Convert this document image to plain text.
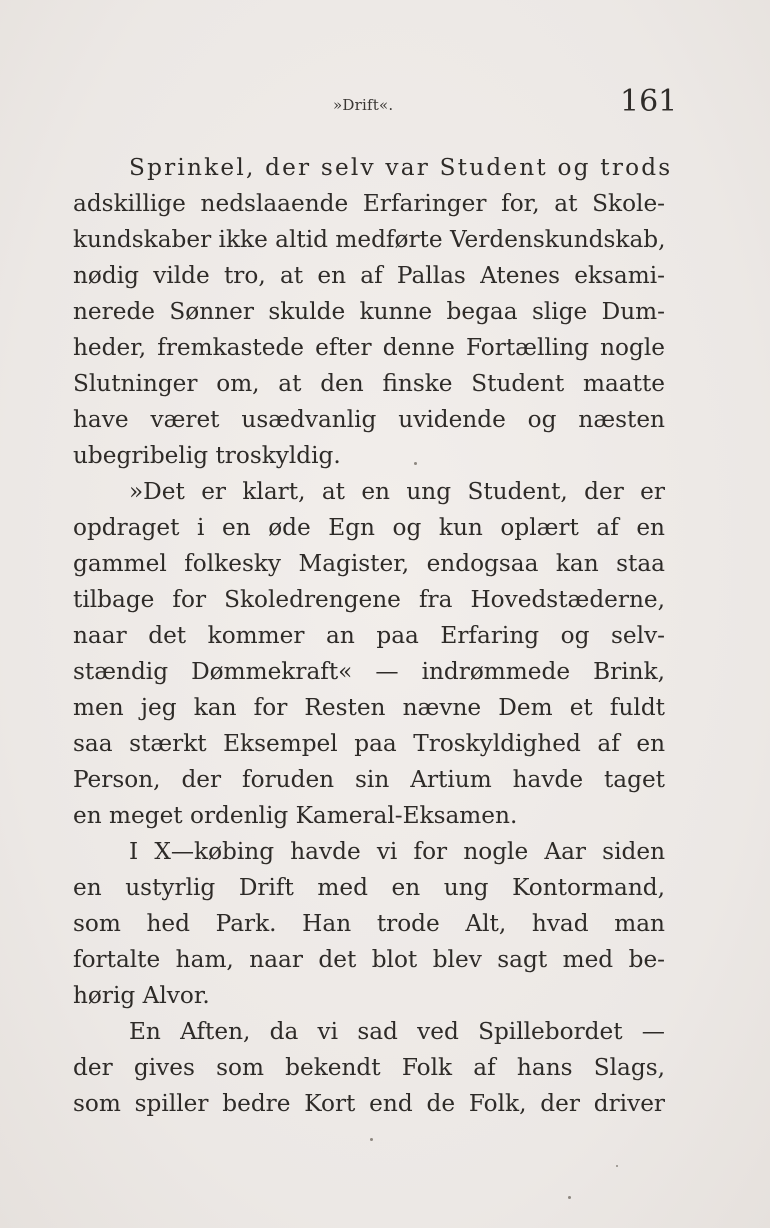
»Drift«.	161
Sprinkel, der selv var Student og trods
adskillige nedslaaende Erfaringer for, at Skole-
kundskaber ikke altid medførte Verdenskundskab,
nødig vilde tro, at en af Pallas Atenes eksami-
nerede Sønner skulde kunne begaa slige Dum-
heder, fremkastede efter denne Fortælling nogle
Slutninger om, at den finske Student maatte
have været usædvanlig uvidende og næsten
ubegribelig troskyldig.
»Det er klart, at en ung Student, der er
opdraget i en øde Egn og kun oplært af en
gammel folkesky Magister, endogsaa kan staa
tilbage for Skoledrengene fra Hovedstæderne,
naar det kommer an paa Erfaring og selv-
stændig Dømmekraft« — indrømmede Brink,
men jeg kan for Resten nævne Dem et fuldt
saa stærkt Eksempel paa Troskyldighed af en
Person, der foruden sin Artium havde taget
en meget ordenlig Kameral-Eksamen.
I X—købing havde vi for nogle Aar siden
en ustyrlig Drift med en ung Kontormand,
som hed Park. Han trode Alt, hvad man
fortalte ham, naar det blot blev sagt med be-
hørig Alvor.
En Aften, da vi sad ved Spillebordet —
der gives som bekendt Folk af hans Slags,
som spiller bedre Kort end de Folk, der driver
